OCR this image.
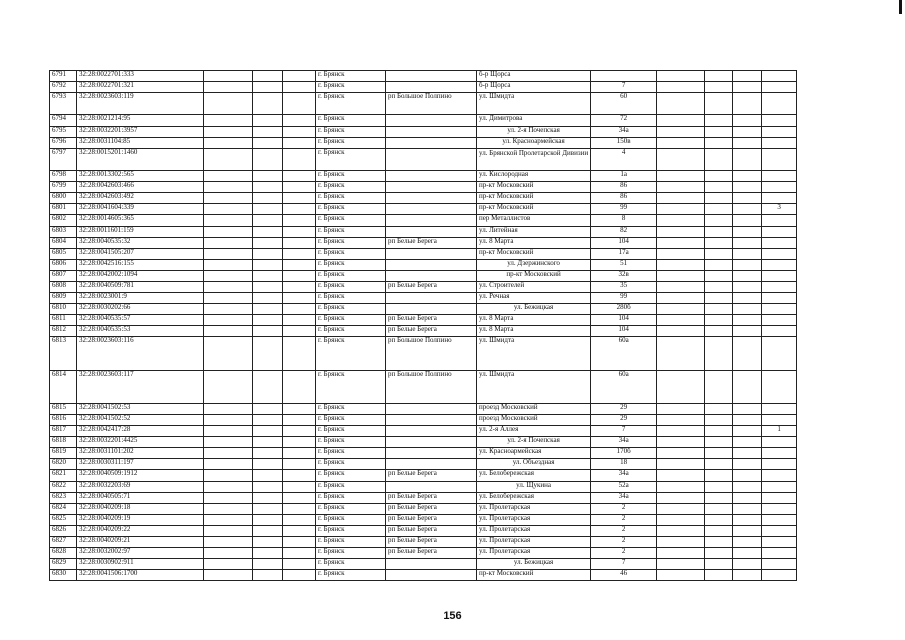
6791	32:28:0022701:333				г. Брянск		б-р Щорса					
6792	32:28:0022701:321				г. Брянск		б-р Щорса	7				
6793	32:28:0023603:119				г. Брянск	рп Большое Полпино	ул. Шмидта	60				
6794	32:28:0021214:95				г. Брянск		ул. Димитрова	72				
6795	32:28:0032201:3957				г. Брянск		ул. 2-я Почепская	34а				
6796	32:28:0031104:85				г. Брянск		ул. Красноармейская	150в				
6797	32:28:0015201:1460				г. Брянск		ул. Брянской Пролетарской Дивизии	4				
6798	32:28:0013302:565				г. Брянск		ул. Кислородная	1а				
6799	32:28:0042603:466				г. Брянск		пр-кт Московский	86				
6800	32:28:0042603:492				г. Брянск		пр-кт Московский	86				
6801	32:28:0041604:339				г. Брянск		пр-кт Московский	99				3
6802	32:28:0014605:365				г. Брянск		пер Металлистов	8				
6803	32:28:0011601:159				г. Брянск		ул. Литейная	82				
6804	32:28:0040535:32				г. Брянск	рп Белые Берега	ул. 8 Марта	104				
6805	32:28:0041505:207				г. Брянск		пр-кт Московский	17а				
6806	32:28:0042516:155				г. Брянск		ул. Дзержинского	51				
6807	32:28:0042002:1094				г. Брянск		пр-кт Московский	32в				
6808	32:28:0040509:781				г. Брянск	рп Белые Берега	ул. Строителей	35				
6809	32:28:0023001:9				г. Брянск		ул. Речная	99				
6810	32:28:0030202:66				г. Брянск		ул. Бежицкая	280б				
6811	32:28:0040535:57				г. Брянск	рп Белые Берега	ул. 8 Марта	104				
6812	32:28:0040535:53				г. Брянск	рп Белые Берега	ул. 8 Марта	104				
6813	32:28:0023603:116				г. Брянск	рп Большое Полпино	ул. Шмидта	60а				
6814	32:28:0023603:117				г. Брянск	рп Большое Полпино	ул. Шмидта	60а				
6815	32:28:0041502:53				г. Брянск		проезд Московский	29				
6816	32:28:0041502:52				г. Брянск		проезд Московский	29				
6817	32:28:0042417:28				г. Брянск		ул. 2-я Аллея	7				1
6818	32:28:0032201:4425				г. Брянск		ул. 2-я Почепская	34а				
6819	32:28:0031101:202				г. Брянск		ул. Красноармейская	170б				
6820	32:28:0030311:197				г. Брянск		ул. Объездная	18				
6821	32:28:0040509:1912				г. Брянск	рп Белые Берега	ул. Белобережская	34а				
6822	32:28:0032203:69				г. Брянск		ул. Щукина	52а				
6823	32:28:0040505:71				г. Брянск	рп Белые Берега	ул. Белобережская	34а				
6824	32:28:0040209:18				г. Брянск	рп Белые Берега	ул. Пролетарская	2				
6825	32:28:0040209:19				г. Брянск	рп Белые Берега	ул. Пролетарская	2				
6826	32:28:0040209:22				г. Брянск	рп Белые Берега	ул. Пролетарская	2				
6827	32:28:0040209:21				г. Брянск	рп Белые Берега	ул. Пролетарская	2				
6828	32:28:0032002:97				г. Брянск	рп Белые Берега	ул. Пролетарская	2				
6829	32:28:0030902:911				г. Брянск		ул. Бежицкая	7				
6830	32:28:0041506:1700				г. Брянск		пр-кт Московский	46				
156
